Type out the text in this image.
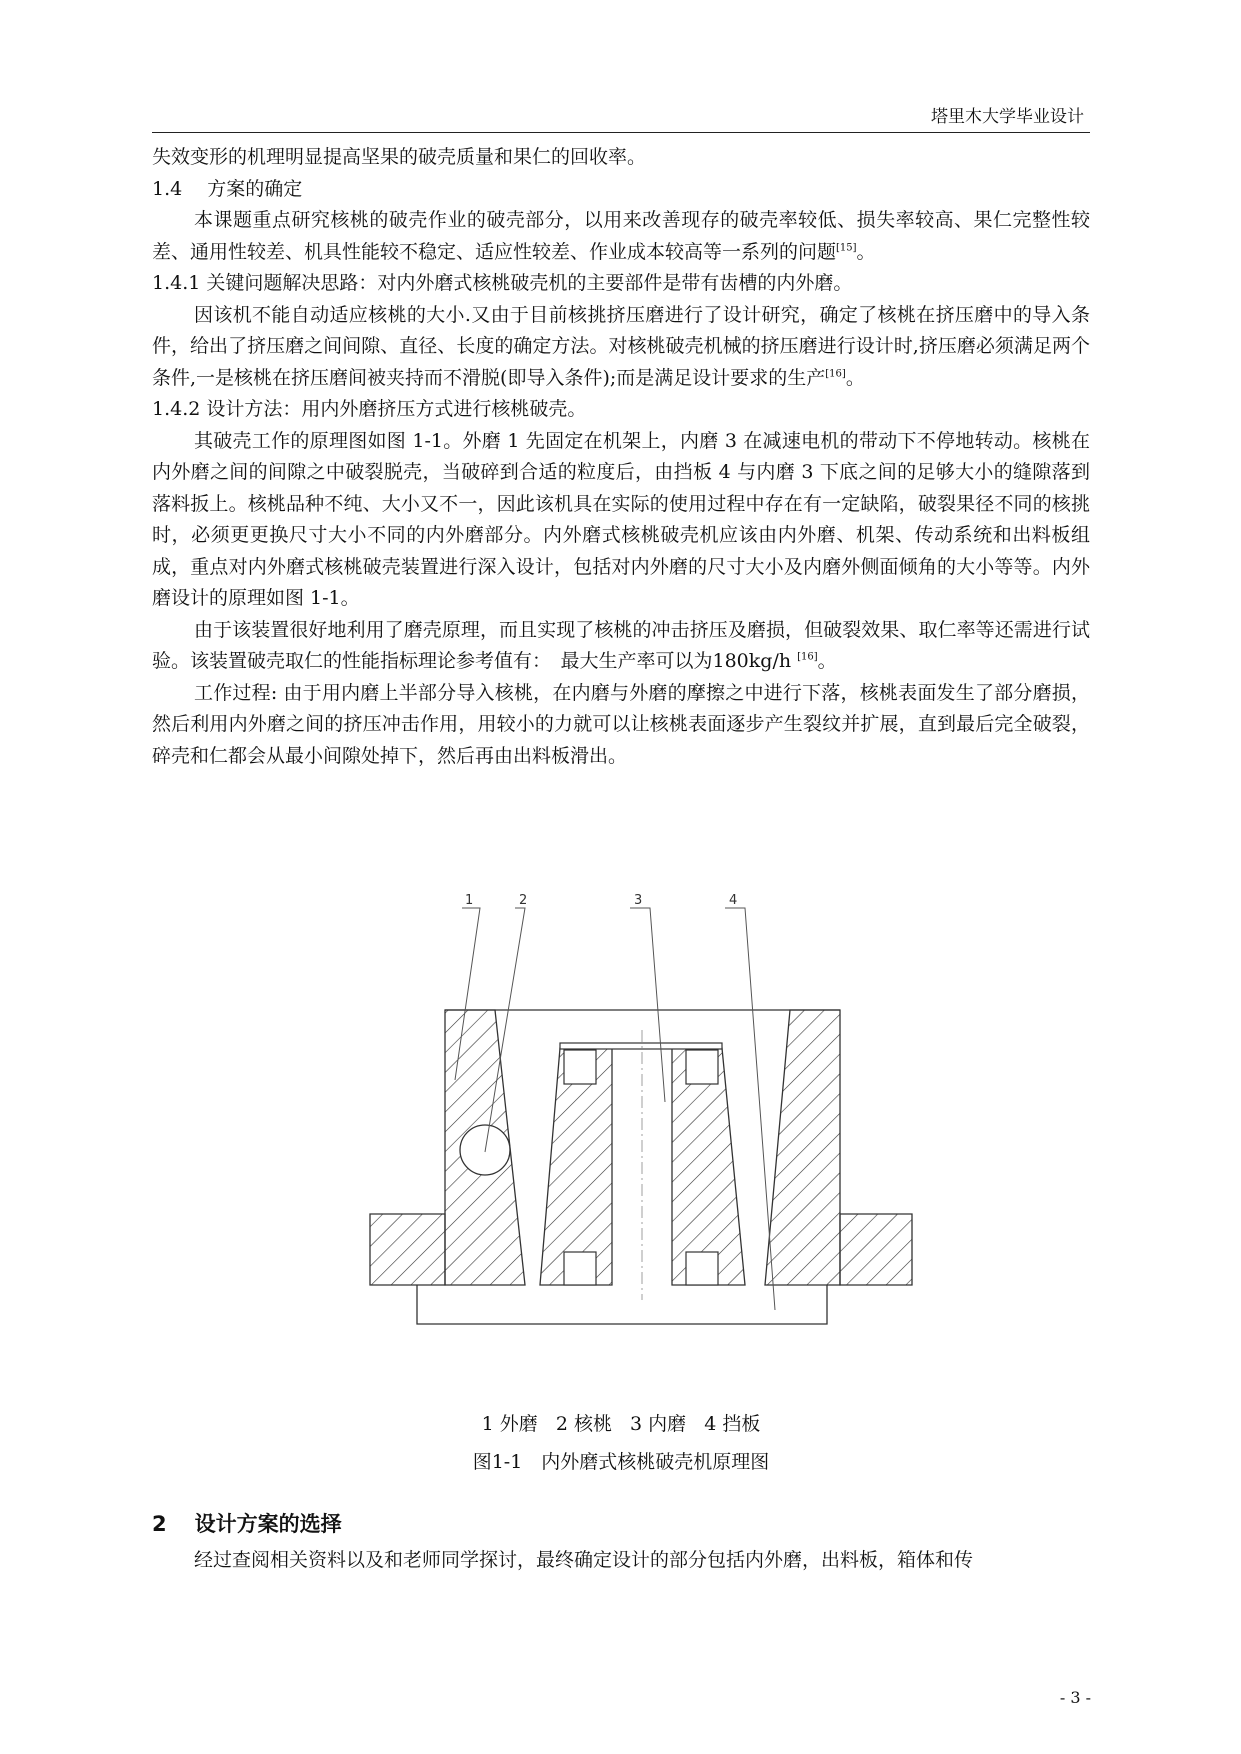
塔里木大学毕业设计

失效变形的机理明显提高坚果的破壳质量和果仁的回收率。

1.4　 方案的确定

本课题重点研究核桃的破壳作业的破壳部分，以用来改善现存的破壳率较低、损失率较高、果仁完整性较差、通用性较差、机具性能较不稳定、适应性较差、作业成本较高等一系列的问题[15]。

1.4.1 关键问题解决思路：对内外磨式核桃破壳机的主要部件是带有齿槽的内外磨。

因该机不能自动适应核桃的大小.又由于目前核挑挤压磨进行了设计研究，确定了核桃在挤压磨中的导入条件，给出了挤压磨之间间隙、直径、长度的确定方法。对核桃破壳机械的挤压磨进行设计时,挤压磨必须满足两个条件,一是核桃在挤压磨间被夹持而不滑脱(即导入条件);而是满足设计要求的生产[16]。

1.4.2 设计方法：用内外磨挤压方式进行核桃破壳。

其破壳工作的原理图如图 1-1。外磨 1 先固定在机架上，内磨 3 在减速电机的带动下不停地转动。核桃在内外磨之间的间隙之中破裂脱壳，当破碎到合适的粒度后，由挡板 4 与内磨 3 下底之间的足够大小的缝隙落到落料扳上。核桃品种不纯、大小又不一，因此该机具在实际的使用过程中存在有一定缺陷，破裂果径不同的核挑时，必须更更换尺寸大小不同的内外磨部分。内外磨式核桃破壳机应该由内外磨、机架、传动系统和出料板组成，重点对内外磨式核桃破壳装置进行深入设计，包括对内外磨的尺寸大小及内磨外侧面倾角的大小等等。内外磨设计的原理如图 1-1。

由于该装置很好地利用了磨壳原理，而且实现了核桃的冲击挤压及磨损，但破裂效果、取仁率等还需进行试验。该装置破壳取仁的性能指标理论参考值有：　最大生产率可以为180kg/h [16]。

工作过程: 由于用内磨上半部分导入核桃，在内磨与外磨的摩擦之中进行下落，核桃表面发生了部分磨损，然后利用内外磨之间的挤压冲击作用，用较小的力就可以让核桃表面逐步产生裂纹并扩展，直到最后完全破裂，碎壳和仁都会从最小间隙处掉下，然后再由出料板滑出。

1	2	3	4
1 外磨 2 核桃 3 内磨 4 挡板
图1-1　内外磨式核桃破壳机原理图
2 设计方案的选择

经过查阅相关资料以及和老师同学探讨，最终确定设计的部分包括内外磨，出料板，箱体和传

- 3 -
